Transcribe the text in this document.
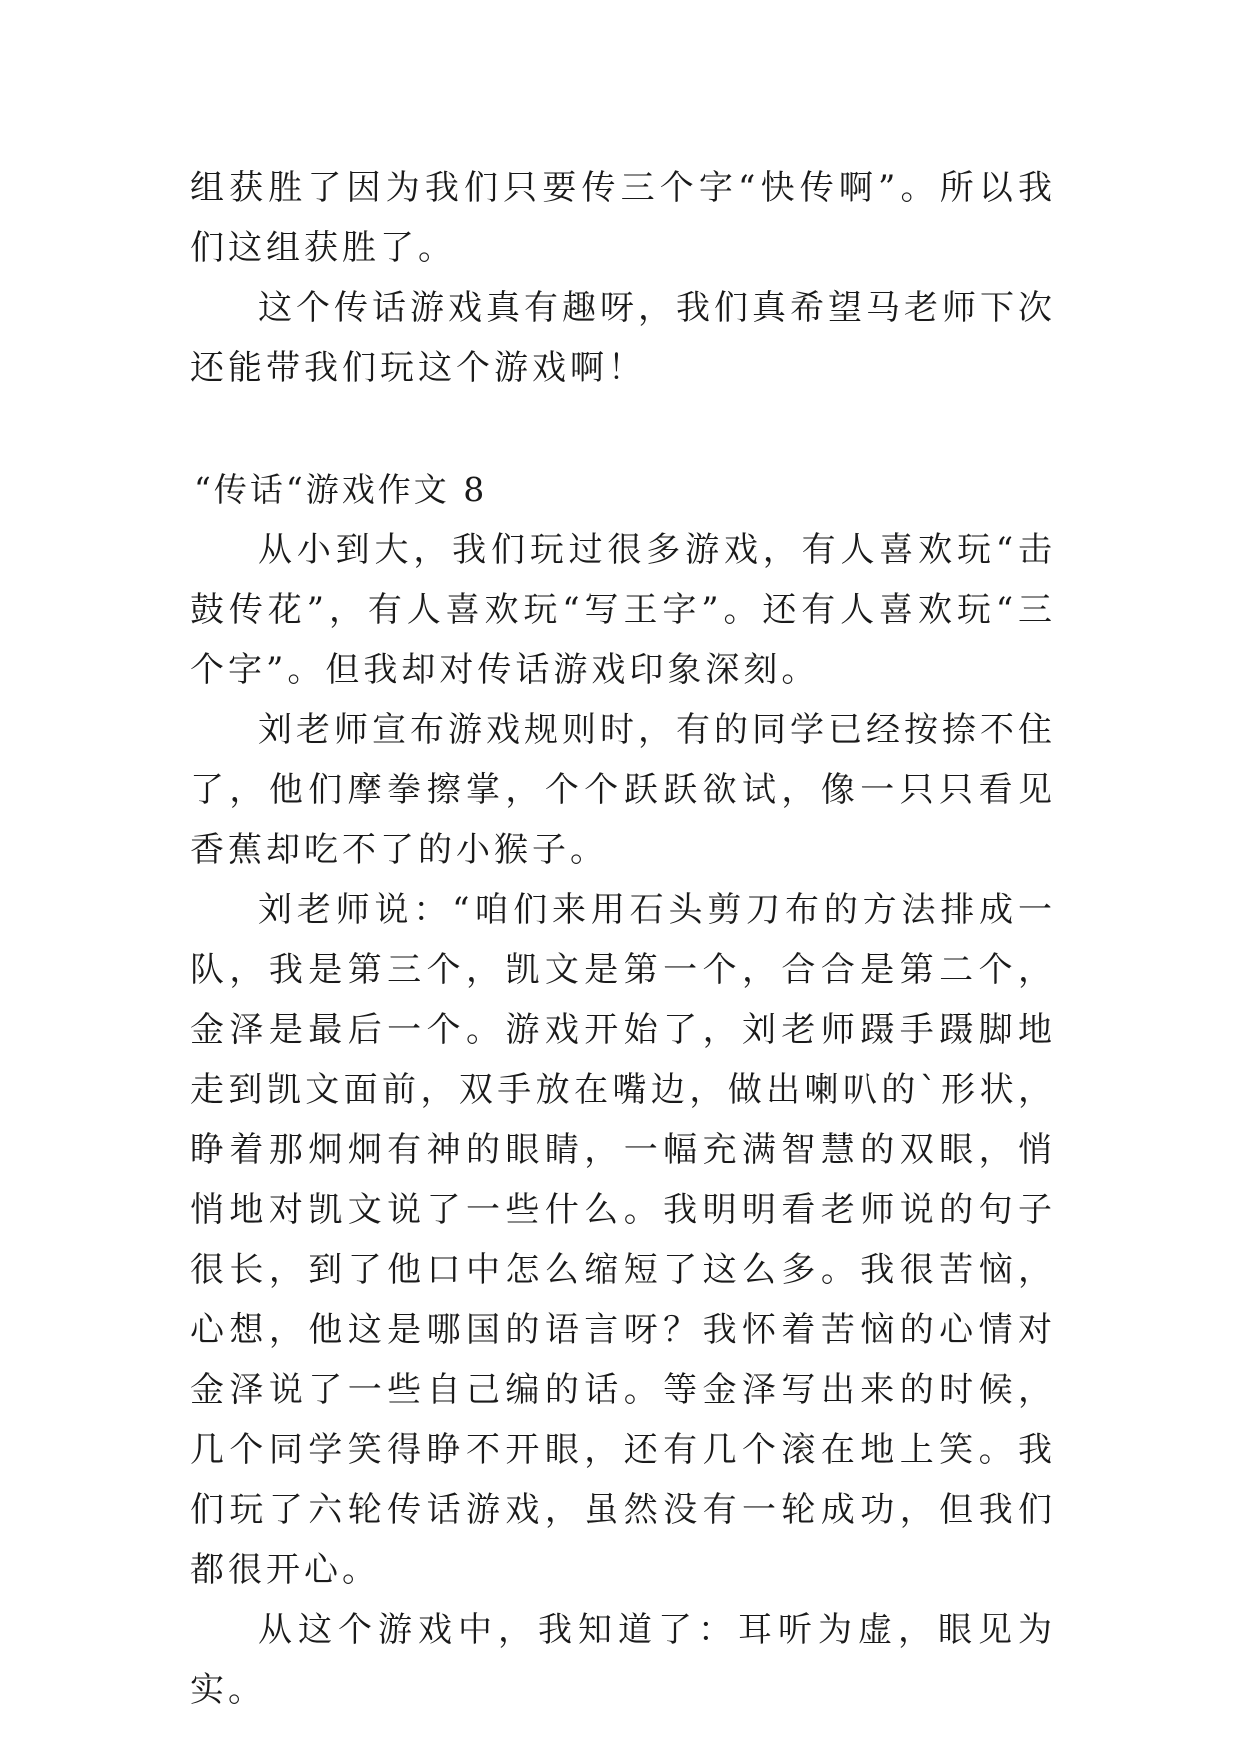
组获胜了因为我们只要传三个字“快传啊”。所以我们这组获胜了。

这个传话游戏真有趣呀，我们真希望马老师下次还能带我们玩这个游戏啊！

“传话“游戏作文 8

从小到大，我们玩过很多游戏，有人喜欢玩“击鼓传花”，有人喜欢玩“写王字”。还有人喜欢玩“三个字”。但我却对传话游戏印象深刻。

刘老师宣布游戏规则时，有的同学已经按捺不住了，他们摩拳擦掌，个个跃跃欲试，像一只只看见香蕉却吃不了的小猴子。

刘老师说：“咱们来用石头剪刀布的方法排成一队，我是第三个，凯文是第一个，合合是第二个，金泽是最后一个。游戏开始了，刘老师蹑手蹑脚地走到凯文面前，双手放在嘴边，做出喇叭的`形状，睁着那炯炯有神的眼睛，一幅充满智慧的双眼，悄悄地对凯文说了一些什么。我明明看老师说的句子很长，到了他口中怎么缩短了这么多。我很苦恼，心想，他这是哪国的语言呀？我怀着苦恼的心情对金泽说了一些自己编的话。等金泽写出来的时候，几个同学笑得睁不开眼，还有几个滚在地上笑。我们玩了六轮传话游戏，虽然没有一轮成功，但我们都很开心。

从这个游戏中，我知道了：耳听为虚，眼见为实。
